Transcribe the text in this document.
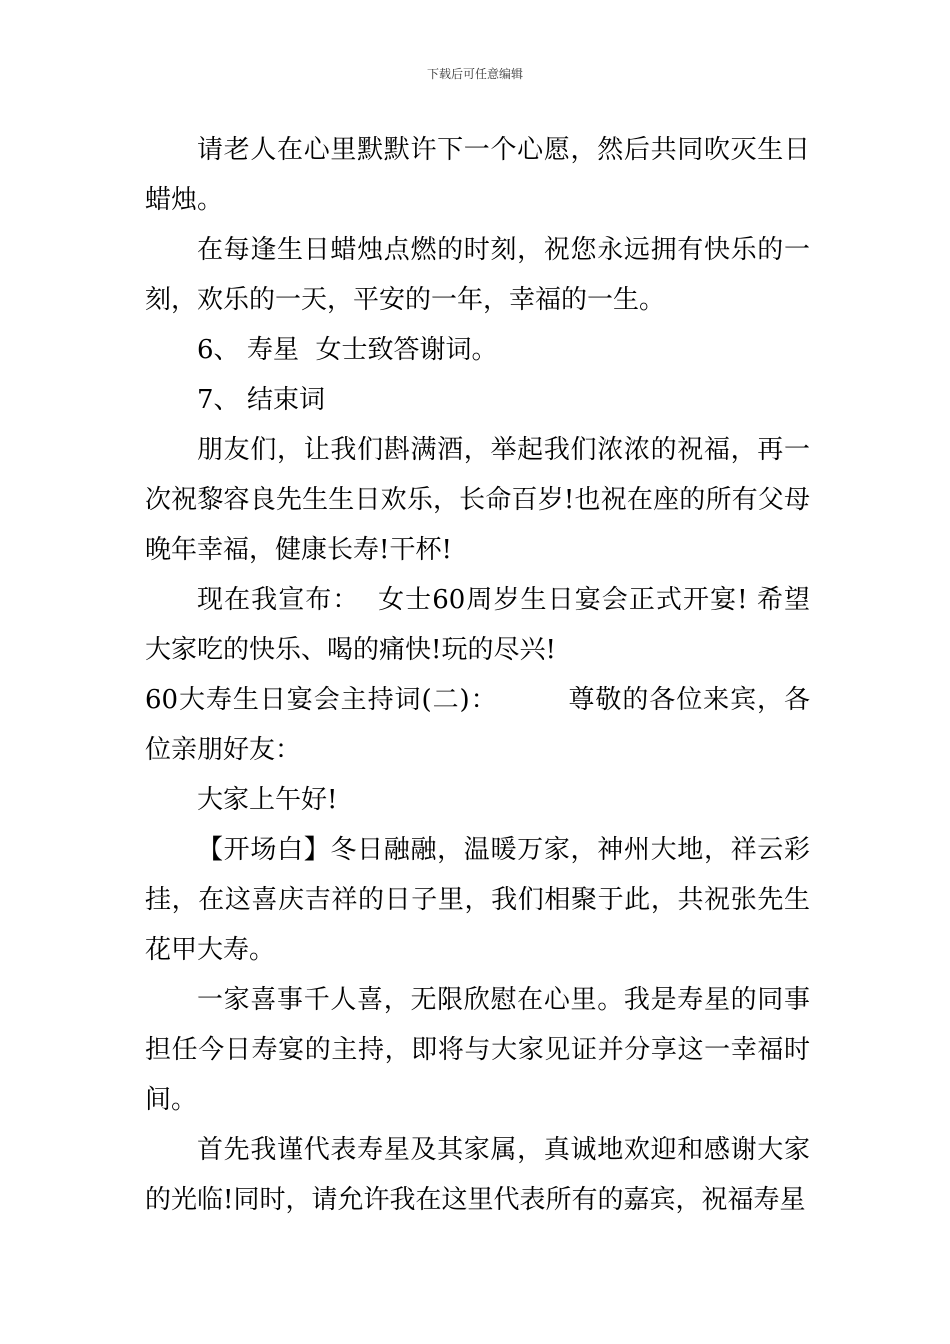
下载后可任意编辑

请老人在心里默默许下一个心愿，然后共同吹灭生日蜡烛。

在每逢生日蜡烛点燃的时刻，祝您永远拥有快乐的一刻，欢乐的一天，平安的一年，幸福的一生。

6、 寿星  女士致答谢词。

7、 结束词

朋友们，让我们斟满酒，举起我们浓浓的祝福，再一次祝黎容良先生生日欢乐，长命百岁!也祝在座的所有父母晚年幸福，健康长寿!干杯!

现在我宣布：  女士60周岁生日宴会正式开宴! 希望大家吃的快乐、喝的痛快!玩的尽兴!

60大寿生日宴会主持词(二)：	尊敬的各位来宾，各位亲朋好友：

大家上午好!

【开场白】冬日融融，温暖万家，神州大地，祥云彩挂，在这喜庆吉祥的日子里，我们相聚于此，共祝张先生花甲大寿。

一家喜事千人喜，无限欣慰在心里。我是寿星的同事担任今日寿宴的主持，即将与大家见证并分享这一幸福时间。

首先我谨代表寿星及其家属，真诚地欢迎和感谢大家的光临!同时，请允许我在这里代表所有的嘉宾，祝福寿星
